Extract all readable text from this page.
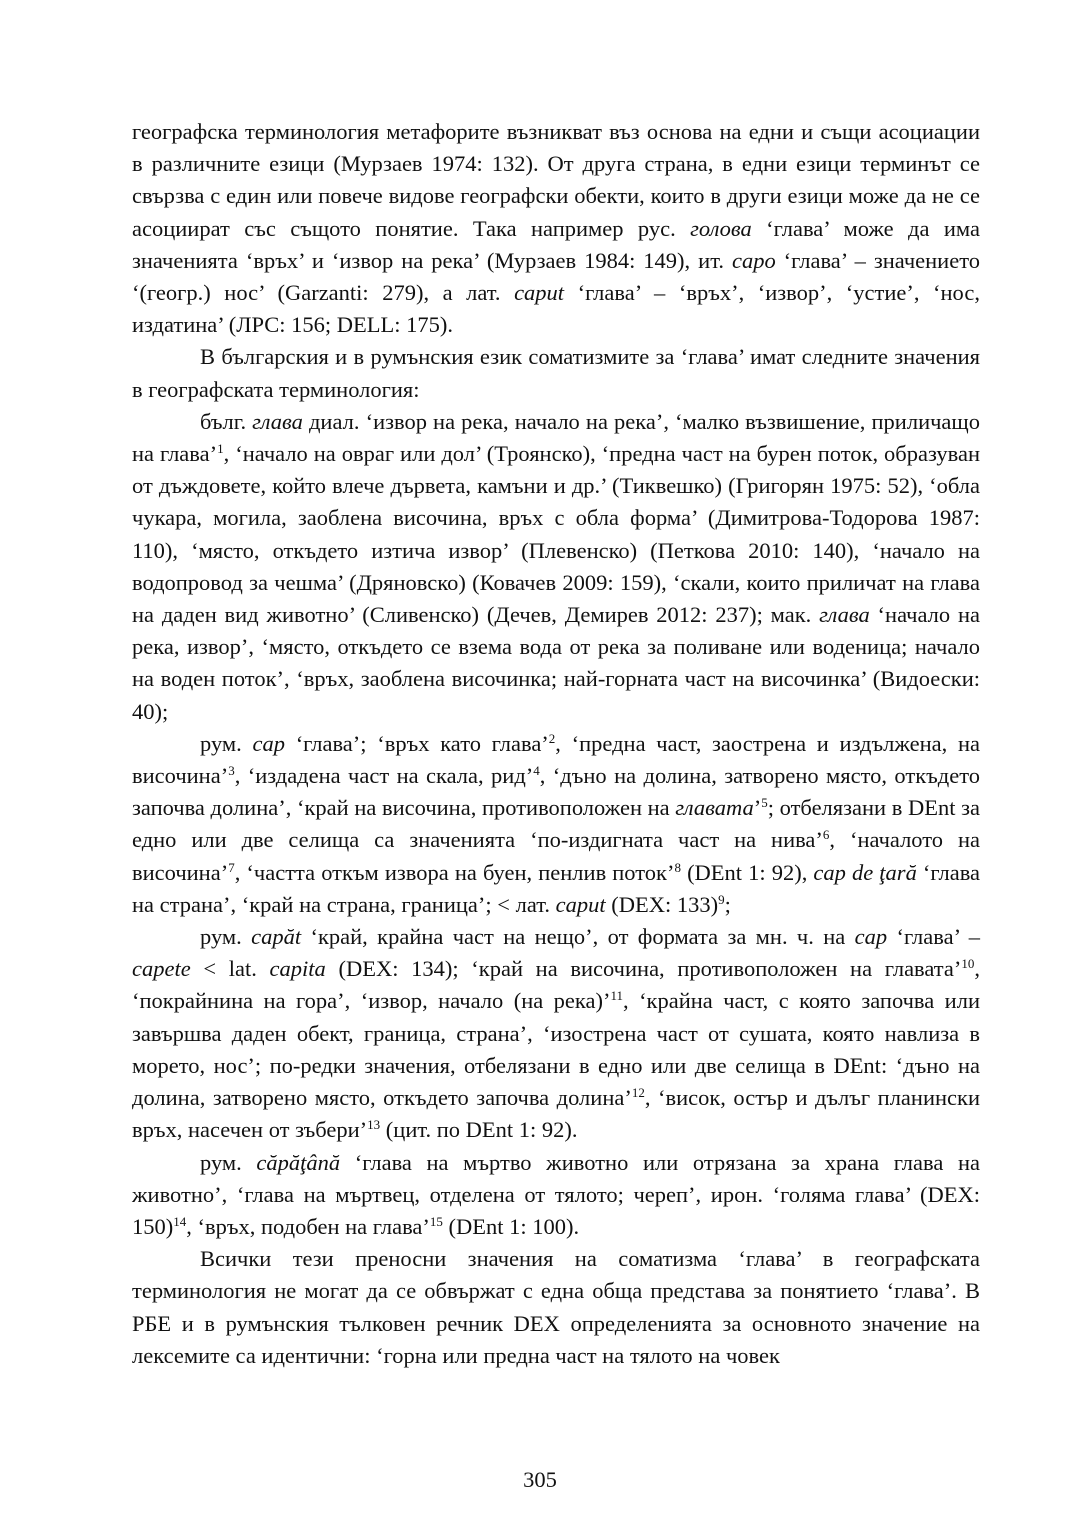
географска терминология метафорите възникват въз основа на едни и същи асоциации в различните езици (Мурзаев 1974: 132). От друга страна, в едни езици терминът се свързва с един или повече видове географски обекти, които в други езици може да не се асоциират със същото понятие. Така например рус. голова ‘глава’ може да има значенията ‘връх’ и ‘извор на река’ (Мурзаев 1984: 149), ит. capo ‘глава’ – значението ‘(геогр.) нос’ (Garzanti: 279), а лат. caput ‘глава’ – ‘връх’, ‘извор’, ‘устие’, ‘нос, издатина’ (ЛРС: 156; DELL: 175).

В българския и в румънския език соматизмите за ‘глава’ имат следните значения в географската терминология:

бълг. глава диал. ‘извор на река, начало на река’, ‘малко възвишение, приличащо на глава’$^1$, ‘начало на овраг или дол’ (Троянско), ‘предна част на бурен поток, образуван от дъждовете, който влече дървета, камъни и др.’ (Тиквешко) (Григорян 1975: 52), ‘обла чукара, могила, заоблена височина, връх с обла форма’ (Димитрова-Тодорова 1987: 110), ‘място, откъдето изтича извор’ (Плевенско) (Петкова 2010: 140), ‘начало на водопровод за чешма’ (Дряновско) (Ковачев 2009: 159), ‘скали, които приличат на глава на даден вид животно’ (Сливенско) (Дечев, Демирев 2012: 237); мак. глава ‘начало на река, извор’, ‘място, откъдето се взема вода от река за поливане или воденица; начало на воден поток’, ‘връх, заоблена височинка; най-горната част на височинка’ (Видоески: 40);

рум. cap ‘глава’; ‘връх като глава’$^2$, ‘предна част, заострена и издължена, на височина’$^3$, ‘издадена част на скала, рид’$^4$, ‘дъно на долина, затворено място, откъдето започва долина’, ‘край на височина, противоположен на главата’$^5$; отбелязани в DEnt за едно или две селища са значенията ‘по-издигната част на нива’$^6$, ‘началото на височина’$^7$, ‘частта откъм извора на буен, пенлив поток’$^8$ (DEnt 1: 92), cap de ţară ‘глава на страна’, ‘край на страна, граница’; < лат. caput (DEX: 133)$^9$;

рум. capăt ‘край, крайна част на нещо’, от формата за мн. ч. на cap ‘глава’ – capete < lat. capita (DEX: 134); ‘край на височина, противоположен на главата’$^{10}$, ‘покрайнина на гора’, ‘извор, начало (на река)’$^{11}$, ‘крайна част, с която започва или завършва даден обект, граница, страна’, ‘изострена част от сушата, която навлиза в морето, нос’; по-редки значения, отбелязани в едно или две селища в DEnt: ‘дъно на долина, затворено място, откъдето започва долина’$^{12}$, ‘висок, остър и дълъг планински връх, насечен от зъбери’$^{13}$ (цит. по DEnt 1: 92).

рум. căpăţână ‘глава на мъртво животно или отрязана за храна глава на животно’, ‘глава на мъртвец, отделена от тялото; череп’, ирон. ‘голяма глава’ (DEX: 150)$^{14}$, ‘връх, подобен на глава’$^{15}$ (DEnt 1: 100).

Всички тези преносни значения на соматизма ‘глава’ в географската терминология не могат да се обвържат с една обща представа за понятието ‘глава’. В РБЕ и в румънския тълковен речник DEX определенията за основното значение на лексемите са идентични: ‘горна или предна част на тялото на човек

305
